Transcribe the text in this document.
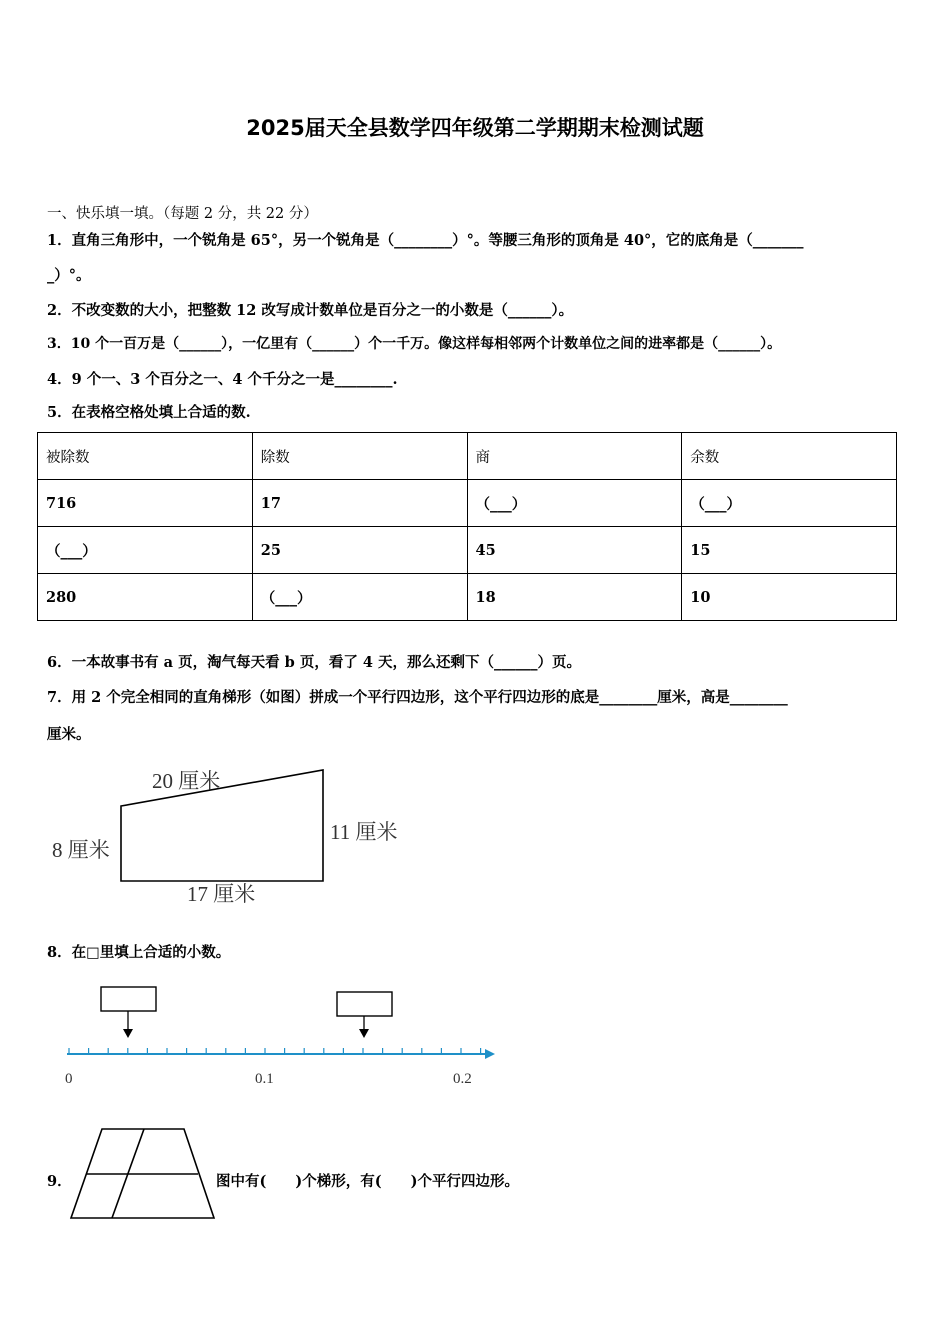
2025届天全县数学四年级第二学期期末检测试题
一、快乐填一填。（每题 2 分，共 22 分）
1．直角三角形中，一个锐角是 65°，另一个锐角是（________）°。等腰三角形的顶角是 40°，它的底角是（_______
_）°。
2．不改变数的大小，把整数 12 改写成计数单位是百分之一的小数是（______）。
3．10 个一百万是（______），一亿里有（______）个一千万。像这样每相邻两个计数单位之间的进率都是（______）。
4．9 个一、3 个百分之一、4 个千分之一是________.
5．在表格空格处填上合适的数.
被除数	除数	商	余数
716	17	（___）	（___）
（___）	25	45	15
280	（___）	18	10
6．一本故事书有 a 页，淘气每天看 b 页，看了 4 天，那么还剩下（______）页。
7．用 2 个完全相同的直角梯形（如图）拼成一个平行四边形，这个平行四边形的底是________厘米，高是________
厘米。
20 厘米
8 厘米
11 厘米
17 厘米
8．在□里填上合适的小数。
0	0.1	0.2
9．	图中有(　　)个梯形，有(　　)个平行四边形。
